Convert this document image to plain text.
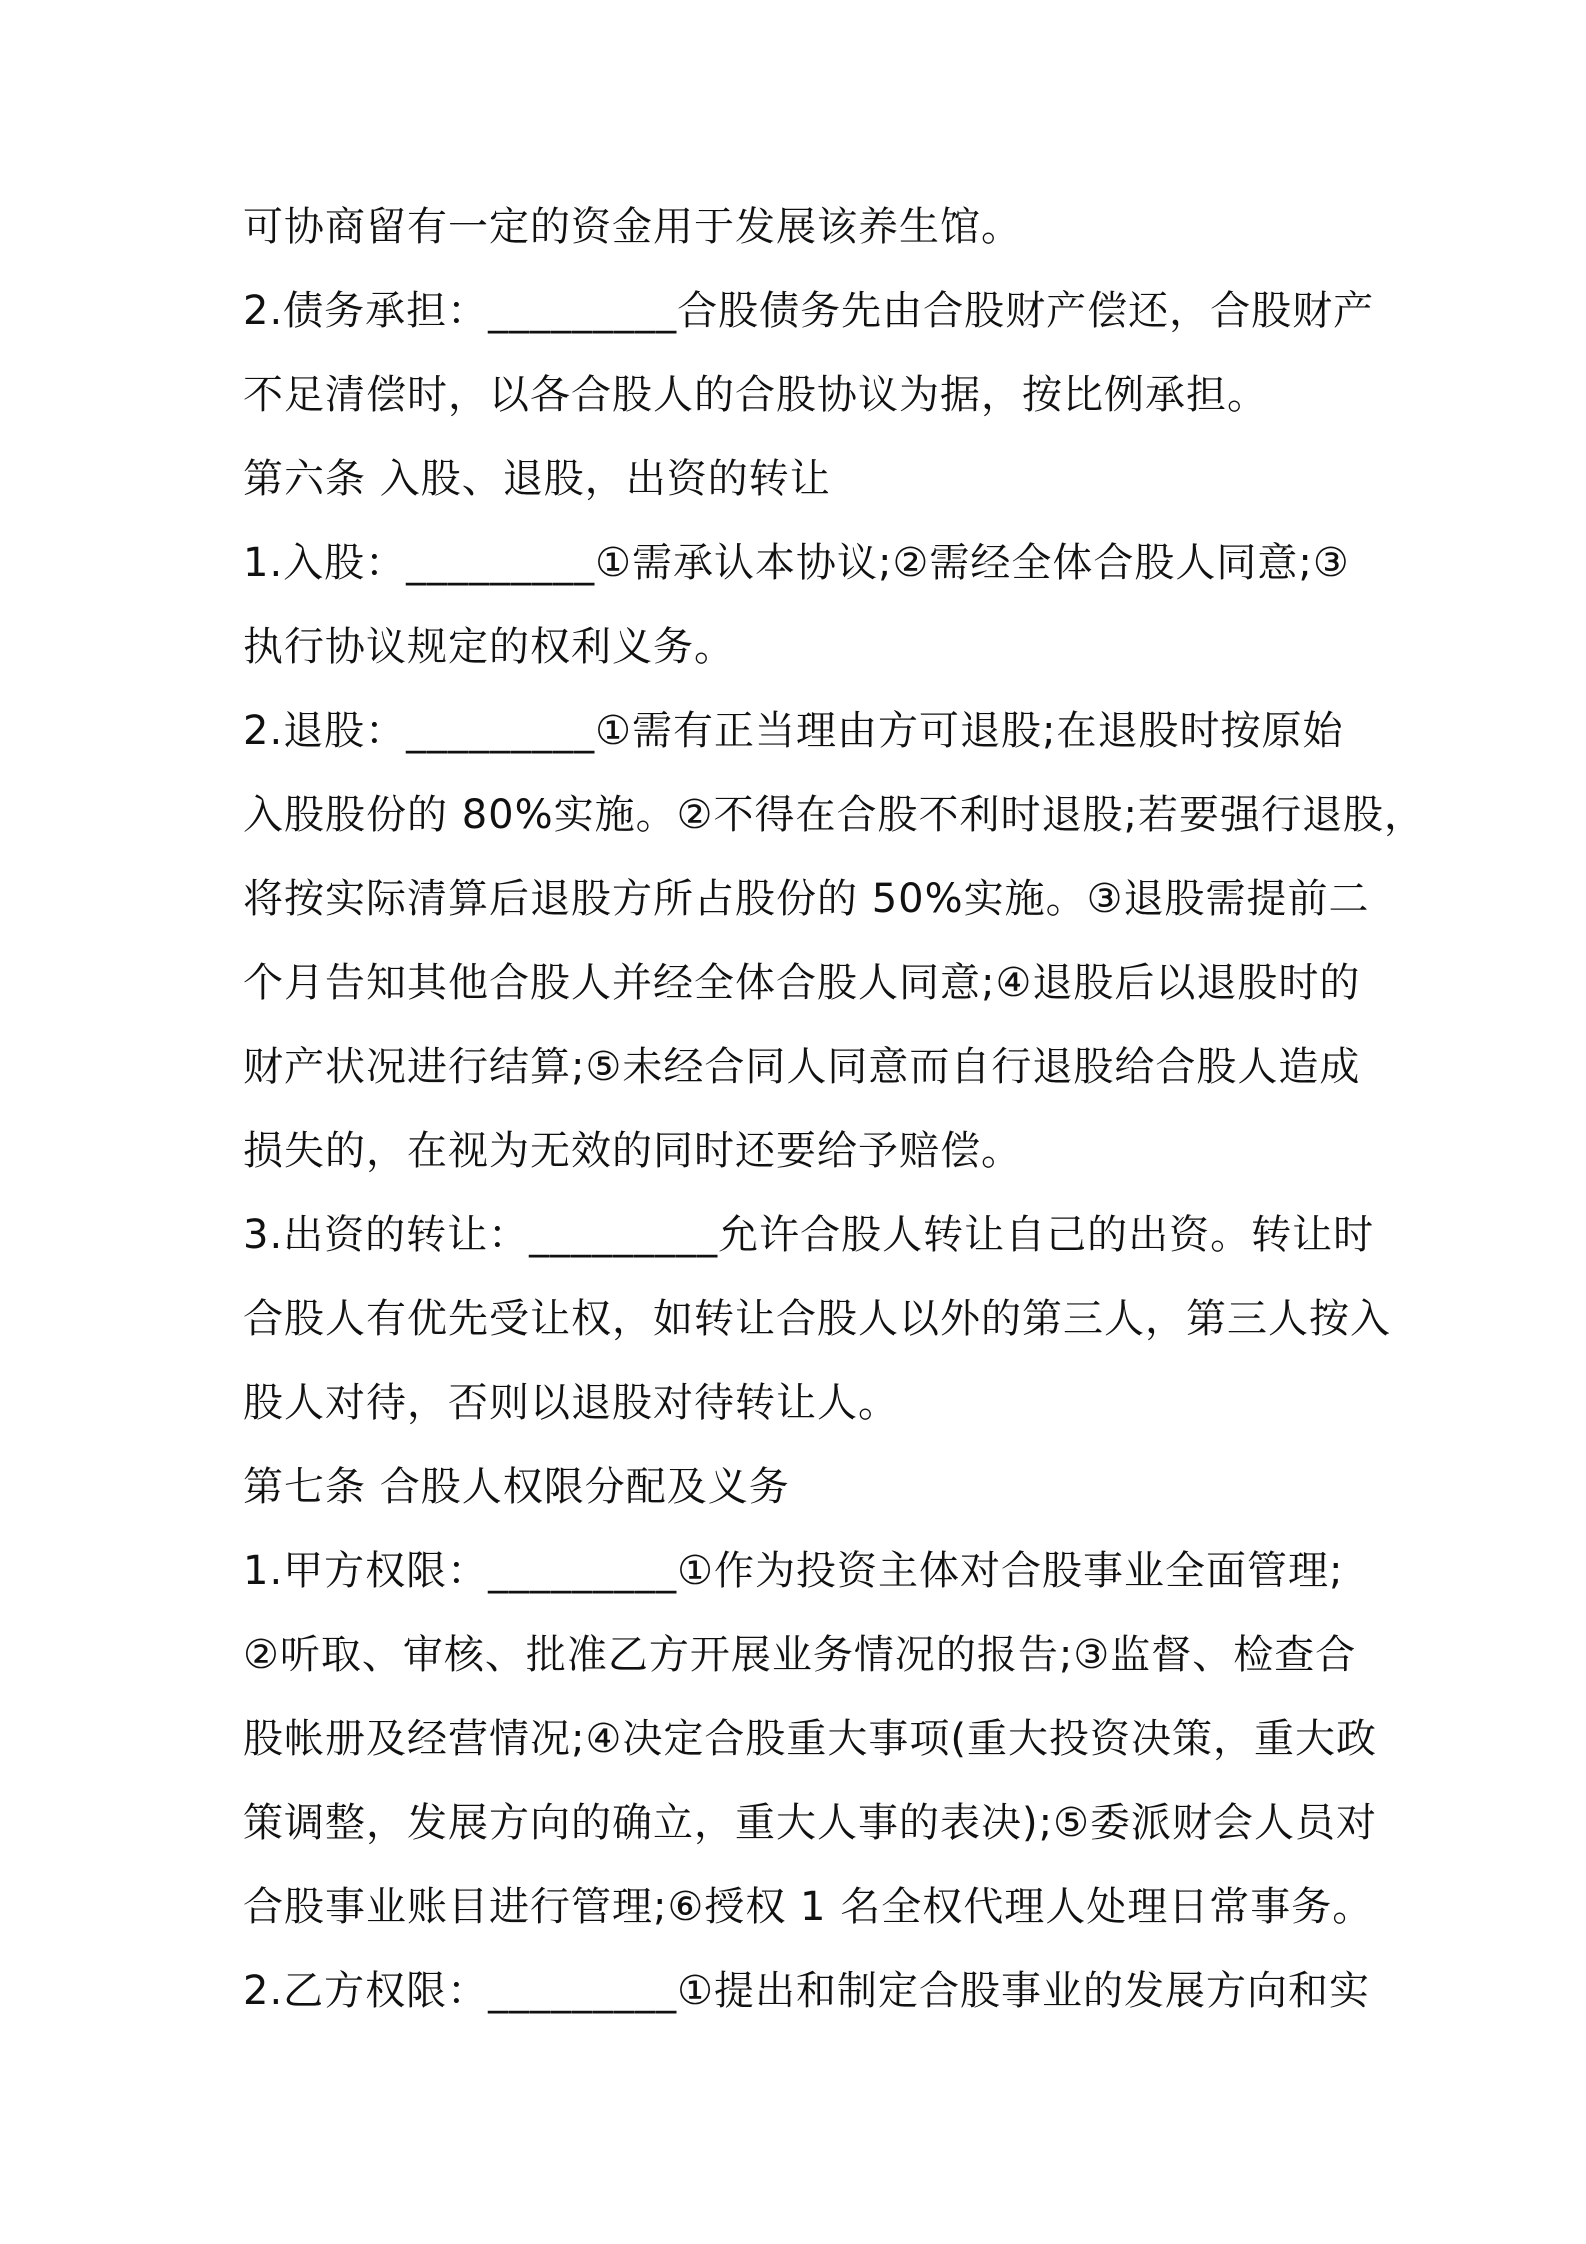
可协商留有一定的资金用于发展该养生馆。
2.债务承担：_________合股债务先由合股财产偿还，合股财产
不足清偿时，以各合股人的合股协议为据，按比例承担。
第六条 入股、退股，出资的转让
1.入股：_________①需承认本协议;②需经全体合股人同意;③
执行协议规定的权利义务。
2.退股：_________①需有正当理由方可退股;在退股时按原始
入股股份的 80%实施。②不得在合股不利时退股;若要强行退股，
将按实际清算后退股方所占股份的 50%实施。③退股需提前二
个月告知其他合股人并经全体合股人同意;④退股后以退股时的
财产状况进行结算;⑤未经合同人同意而自行退股给合股人造成
损失的，在视为无效的同时还要给予赔偿。
3.出资的转让：_________允许合股人转让自己的出资。转让时
合股人有优先受让权，如转让合股人以外的第三人，第三人按入
股人对待，否则以退股对待转让人。
第七条 合股人权限分配及义务
1.甲方权限：_________①作为投资主体对合股事业全面管理;
②听取、审核、批准乙方开展业务情况的报告;③监督、检查合
股帐册及经营情况;④决定合股重大事项(重大投资决策，重大政
策调整，发展方向的确立，重大人事的表决);⑤委派财会人员对
合股事业账目进行管理;⑥授权 1 名全权代理人处理日常事务。
2.乙方权限：_________①提出和制定合股事业的发展方向和实
